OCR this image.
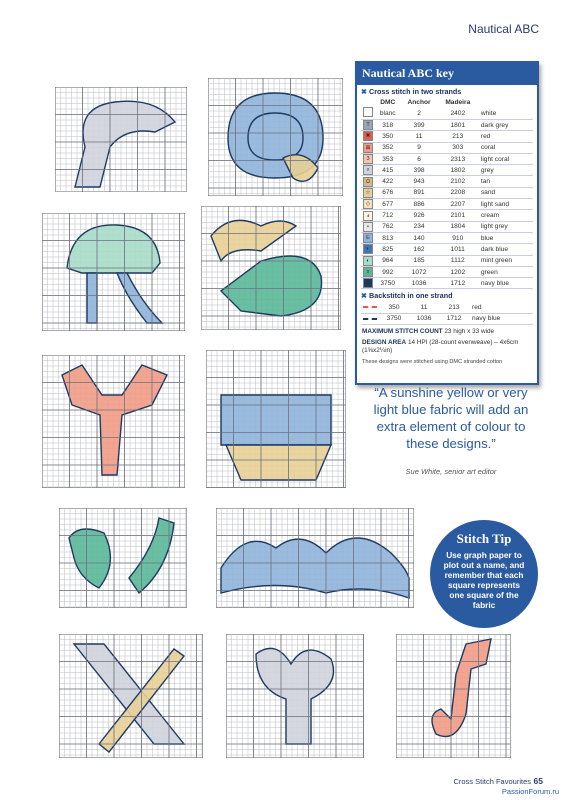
Nautical ABC
Nautical ABC key
✖ Cross stitch in two strands
	DMC	Anchor	Madeira	
	blanc	2	2402	white
T	318	399	1801	dark grey
✖	350	11	213	red
⊠	352	9	303	coral
3	353	6	2313	light coral
⌕	415	398	1802	grey
Ω	422	943	2102	tan
☆	676	891	2208	sand
◇	677	886	2207	light sand
ⅎ	712	926	2101	cream
•	762	234	1804	light grey
E	813	140	910	blue
◐	825	162	1011	dark blue
◐	964	185	1112	mint green
s	992	1072	1202	green
■	3750	1036	1712	navy blue
✖ Backstitch in one strand
	350	11	213	red
	3750	1036	1712	navy blue
MAXIMUM STITCH COUNT 23 high x 33 wide
DESIGN AREA 14 HPI (28-count evenweave) – 4x6cm (1⅝x2¼in)
These designs were stitched using DMC stranded cotton
“A sunshine yellow or very light blue fabric will add an extra element of colour to these designs.”
Sue White, senior art editor
Stitch Tip
Use graph paper to plot out a name, and remember that each square represents one square of the fabric
Cross Stitch Favourites 65
PassionForum.ru
